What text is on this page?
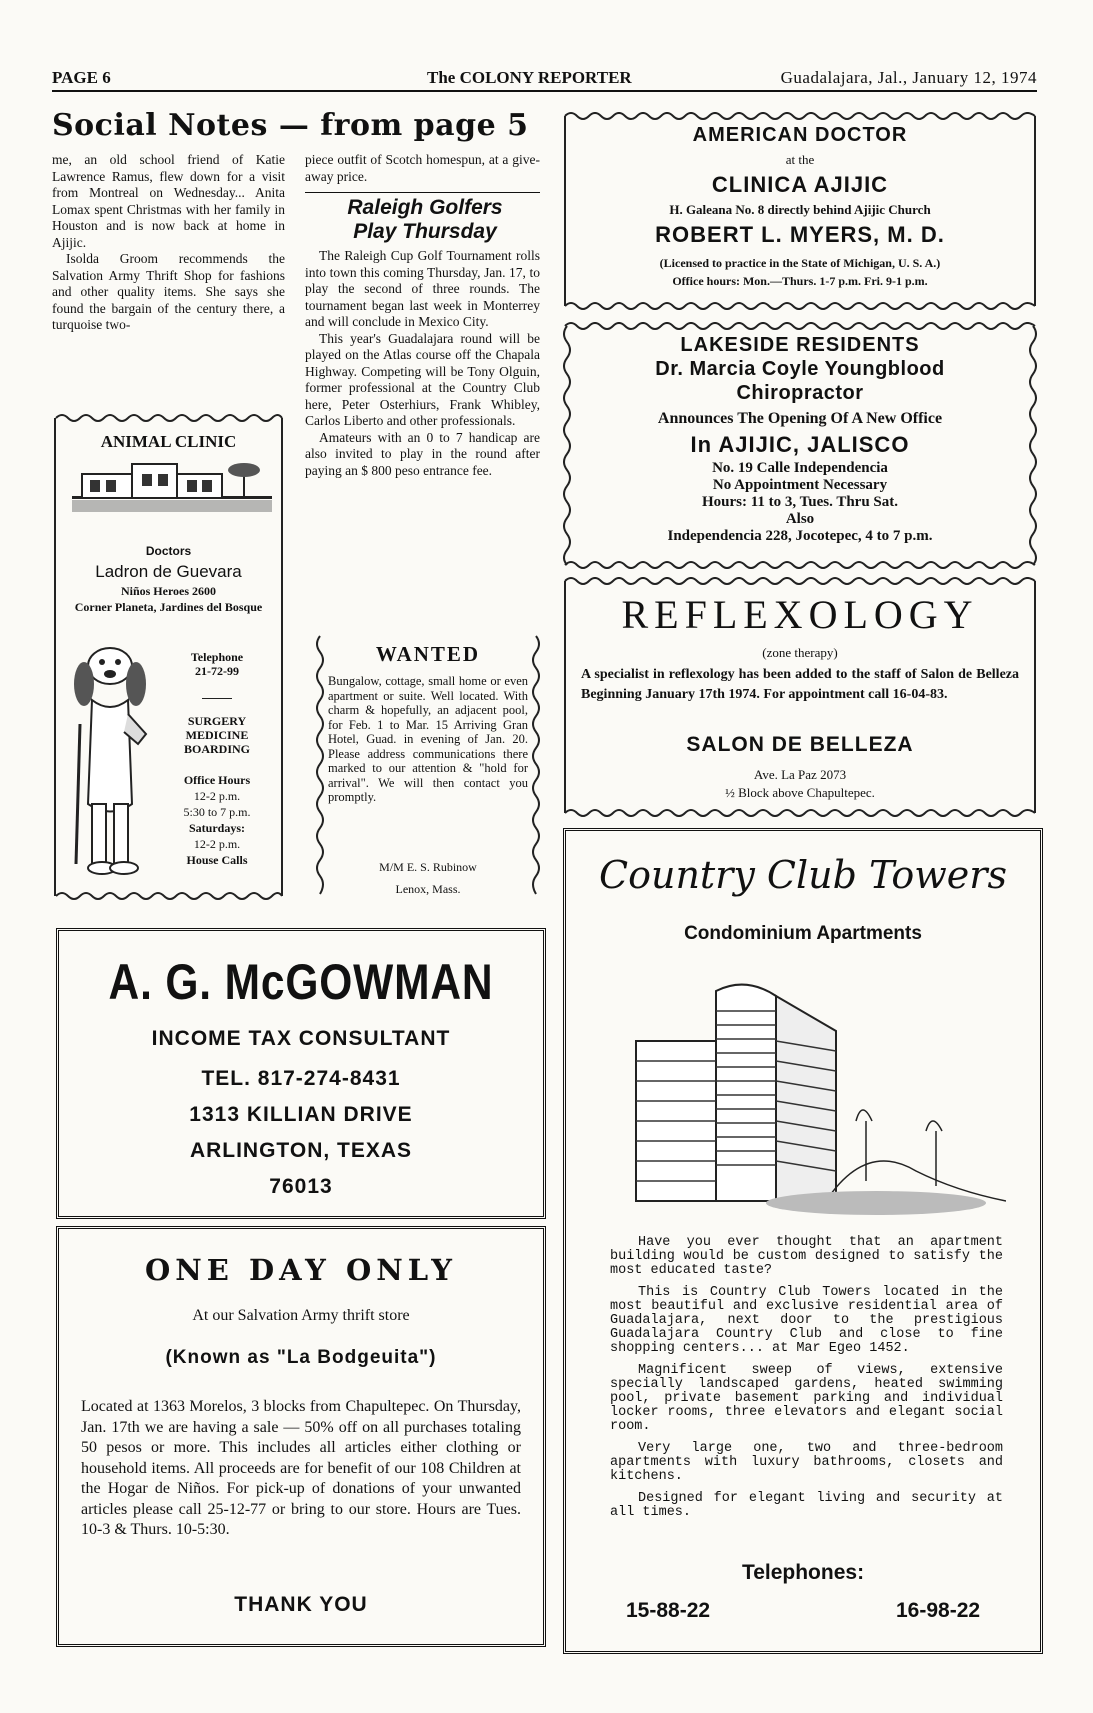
PAGE 6	The COLONY REPORTER	Guadalajara, Jal., January 12, 1974
Social Notes — from page 5

me, an old school friend of Katie Lawrence Ramus, flew down for a visit from Montreal on Wednesday... Anita Lomax spent Christmas with her family in Houston and is now back at home in Ajijic.

Isolda Groom recommends the Salvation Army Thrift Shop for fashions and other quality items. She says she found the bargain of the century there, a turquoise two-

piece outfit of Scotch homespun, at a give-away price.

Raleigh Golfers
Play Thursday

The Raleigh Cup Golf Tournament rolls into town this coming Thursday, Jan. 17, to play the second of three rounds. The tournament began last week in Monterrey and will conclude in Mexico City.

This year's Guadalajara round will be played on the Atlas course off the Chapala Highway. Competing will be Tony Olguin, former professional at the Country Club here, Peter Osterhiurs, Frank Whibley, Carlos Liberto and other professionals.

Amateurs with an 0 to 7 handicap are also invited to play in the round after paying an $ 800 peso entrance fee.

ANIMAL CLINIC
Doctors
Ladron de Guevara
Niños Heroes 2600
Corner Planeta, Jardines del Bosque
Telephone
21-72-99
SURGERY
MEDICINE
BOARDING
Office Hours
12-2 p.m.
5:30 to 7 p.m.
Saturdays:
12-2 p.m.
House Calls
WANTED
Bungalow, cottage, small home or even apartment or suite. Well located. With charm & hopefully, an adjacent pool, for Feb. 1 to Mar. 15 Arriving Gran Hotel, Guad. in evening of Jan. 20. Please address communications there marked to our attention & "hold for arrival". We will then contact you promptly.
M/M E. S. Rubinow
Lenox, Mass.
A. G. McGOWMAN
INCOME TAX CONSULTANT
TEL. 817-274-8431
1313 KILLIAN DRIVE
ARLINGTON, TEXAS
76013
ONE DAY ONLY
At our Salvation Army thrift store
(Known as "La Bodgeuita")
Located at 1363 Morelos, 3 blocks from Chapultepec. On Thursday, Jan. 17th we are having a sale — 50% off on all purchases totaling 50 pesos or more. This includes all articles either clothing or household items. All proceeds are for benefit of our 108 Children at the Hogar de Niños. For pick-up of donations of your unwanted articles please call 25-12-77 or bring to our store. Hours are Tues. 10-3 & Thurs. 10-5:30.
THANK YOU
AMERICAN DOCTOR
at the
CLINICA AJIJIC
H. Galeana No. 8 directly behind Ajijic Church
ROBERT L. MYERS, M. D.
(Licensed to practice in the State of Michigan, U. S. A.)
Office hours: Mon.—Thurs. 1-7 p.m. Fri. 9-1 p.m.
LAKESIDE RESIDENTS
Dr. Marcia Coyle Youngblood
Chiropractor
Announces The Opening Of A New Office
In AJIJIC, JALISCO
No. 19 Calle Independencia
No Appointment Necessary
Hours: 11 to 3, Tues. Thru Sat.
Also
Independencia 228, Jocotepec, 4 to 7 p.m.
REFLEXOLOGY
(zone therapy)
A specialist in reflexology has been added to the staff of Salon de Belleza Beginning January 17th 1974. For appointment call 16-04-83.
SALON DE BELLEZA
Ave. La Paz 2073
½ Block above Chapultepec.
Country Club Towers
Condominium Apartments

Have you ever thought that an apartment building would be custom designed to satisfy the most educated taste?

This is Country Club Towers located in the most beautiful and exclusive residential area of Guadalajara, next door to the prestigious Guadalajara Country Club and close to fine shopping centers... at Mar Egeo 1452.

Magnificent sweep of views, extensive specially landscaped gardens, heated swimming pool, private basement parking and individual locker rooms, three elevators and elegant social room.

Very large one, two and three-bedroom apartments with luxury bathrooms, closets and kitchens.

Designed for elegant living and security at all times.

Telephones:
15-88-22	16-98-22
